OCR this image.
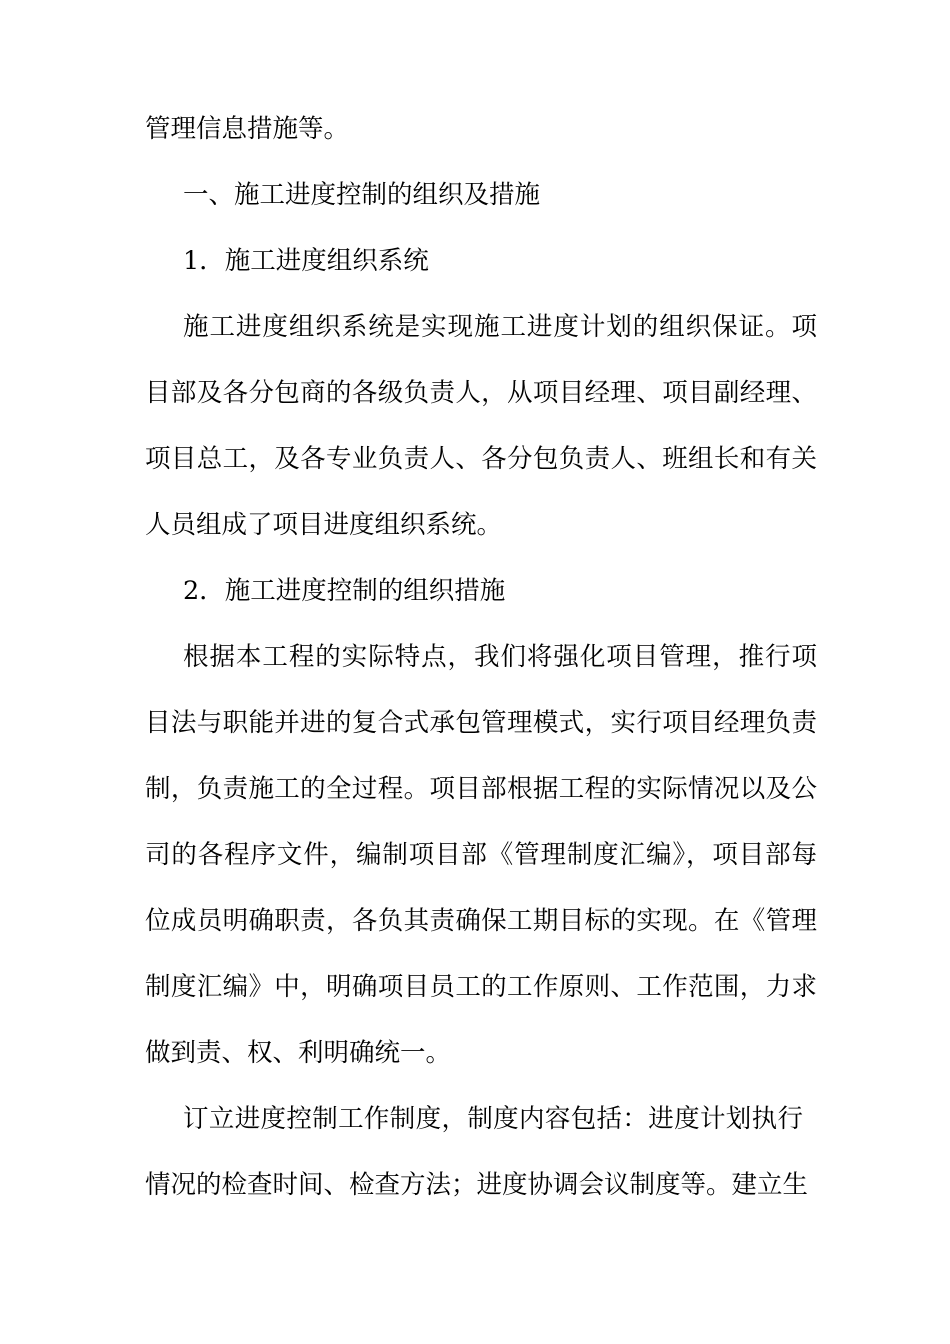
管理信息措施等。
一、施工进度控制的组织及措施
1．施工进度组织系统
施工进度组织系统是实现施工进度计划的组织保证。项
目部及各分包商的各级负责人，从项目经理、项目副经理、
项目总工，及各专业负责人、各分包负责人、班组长和有关
人员组成了项目进度组织系统。
2．施工进度控制的组织措施
根据本工程的实际特点，我们将强化项目管理，推行项
目法与职能并进的复合式承包管理模式，实行项目经理负责
制，负责施工的全过程。项目部根据工程的实际情况以及公
司的各程序文件，编制项目部《管理制度汇编》，项目部每
位成员明确职责，各负其责确保工期目标的实现。在《管理
制度汇编》中，明确项目员工的工作原则、工作范围，力求
做到责、权、利明确统一。
订立进度控制工作制度，制度内容包括：进度计划执行
情况的检查时间、检查方法；进度协调会议制度等。建立生
